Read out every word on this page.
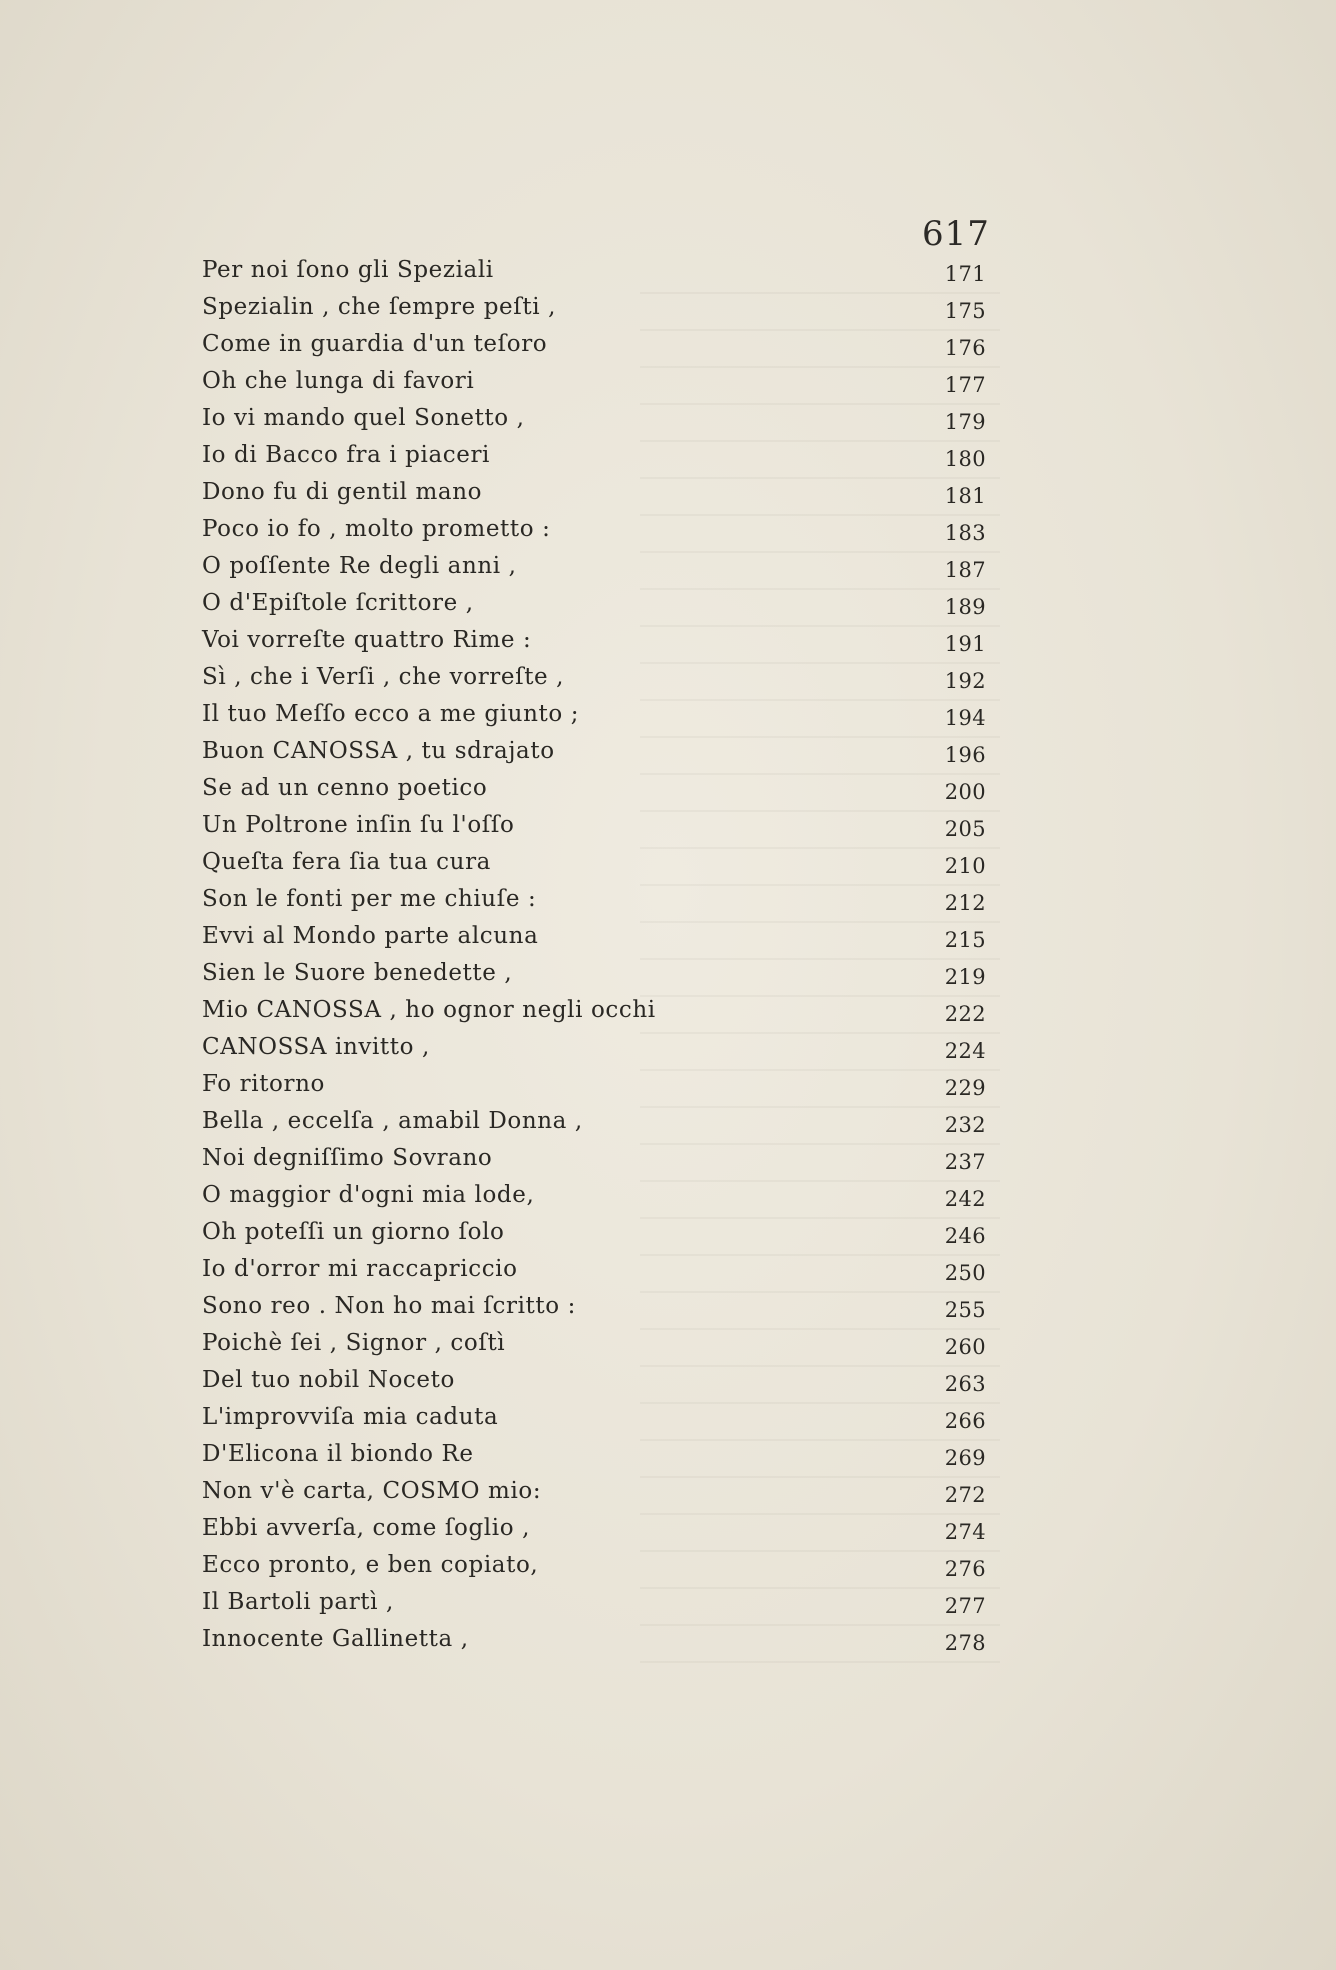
617
Per noi ſono gli Speziali	171
Spezialin , che ſempre peſti ,	175
Come in guardia d'un teſoro	176
Oh che lunga di favori	177
Io vi mando quel Sonetto ,	179
Io di Bacco fra i piaceri	180
Dono fu di gentil mano	181
Poco io fo , molto prometto :	183
O poſſente Re degli anni ,	187
O d'Epiſtole ſcrittore ,	189
Voi vorreſte quattro Rime :	191
Sì , che i Verſi , che vorreſte ,	192
Il tuo Meſſo ecco a me giunto ;	194
Buon CANOSSA , tu sdrajato	196
Se ad un cenno poetico	200
Un Poltrone inſin ſu l'oſſo	205
Queſta fera ſia tua cura	210
Son le fonti per me chiuſe :	212
Evvi al Mondo parte alcuna	215
Sien le Suore benedette ,	219
Mio CANOSSA , ho ognor negli occhi	222
CANOSSA invitto ,	224
Fo ritorno	229
Bella , eccelſa , amabil Donna ,	232
Noi degniſſimo Sovrano	237
O maggior d'ogni mia lode,	242
Oh poteſſi un giorno ſolo	246
Io d'orror mi raccapriccio	250
Sono reo . Non ho mai ſcritto :	255
Poichè ſei , Signor , coſtì	260
Del tuo nobil Noceto	263
L'improvviſa mia caduta	266
D'Elicona il biondo Re	269
Non v'è carta, COSMO mio:	272
Ebbi avverſa, come ſoglio ,	274
Ecco pronto, e ben copiato,	276
Il Bartoli partì ,	277
Innocente Gallinetta ,	278
